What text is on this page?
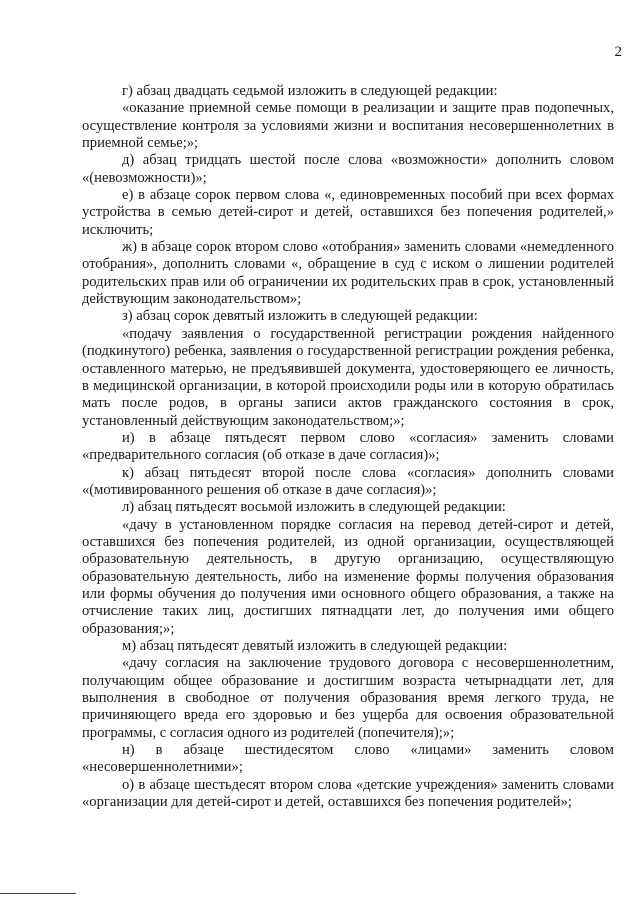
2

г) абзац двадцать седьмой изложить в следующей редакции:

«оказание приемной семье помощи в реализации и защите прав подопечных, осуществление контроля за условиями жизни и воспитания несовершеннолетних в приемной семье;»;

д) абзац тридцать шестой после слова «возможности» дополнить словом «(невозможности)»;

е) в абзаце сорок первом слова «, единовременных пособий при всех формах устройства в семью детей-сирот и детей, оставшихся без попечения родителей,» исключить;

ж) в абзаце сорок втором слово «отобрания» заменить словами «немедленного отобрания», дополнить словами «, обращение в суд с иском о лишении родителей родительских прав или об ограничении их родительских прав в срок, установленный действующим законодательством»;

з) абзац сорок девятый изложить в следующей редакции:

«подачу заявления о государственной регистрации рождения найденного (подкинутого) ребенка, заявления о государственной регистрации рождения ребенка, оставленного матерью, не предъявившей документа, удостоверяющего ее личность, в медицинской организации, в которой происходили роды или в которую обратилась мать после родов, в органы записи актов гражданского состояния в срок, установленный действующим законодательством;»;

и) в абзаце пятьдесят первом слово «согласия» заменить словами «предварительного согласия (об отказе в даче согласия)»;

к) абзац пятьдесят второй после слова «согласия» дополнить словами «(мотивированного решения об отказе в даче согласия)»;

л) абзац пятьдесят восьмой изложить в следующей редакции:

«дачу в установленном порядке согласия на перевод детей-сирот и детей, оставшихся без попечения родителей, из одной организации, осуществляющей образовательную деятельность, в другую организацию, осуществляющую образовательную деятельность, либо на изменение формы получения образования или формы обучения до получения ими основного общего образования, а также на отчисление таких лиц, достигших пятнадцати лет, до получения ими общего образования;»;

м) абзац пятьдесят девятый изложить в следующей редакции:

«дачу согласия на заключение трудового договора с несовершеннолетним, получающим общее образование и достигшим возраста четырнадцати лет, для выполнения в свободное от получения образования время легкого труда, не причиняющего вреда его здоровью и без ущерба для освоения образовательной программы, с согласия одного из родителей (попечителя);»;

н) в абзаце шестидесятом слово «лицами» заменить словом «несовершеннолетними»;

о) в абзаце шестьдесят втором слова «детские учреждения» заменить словами «организации для детей-сирот и детей, оставшихся без попечения родителей»;
